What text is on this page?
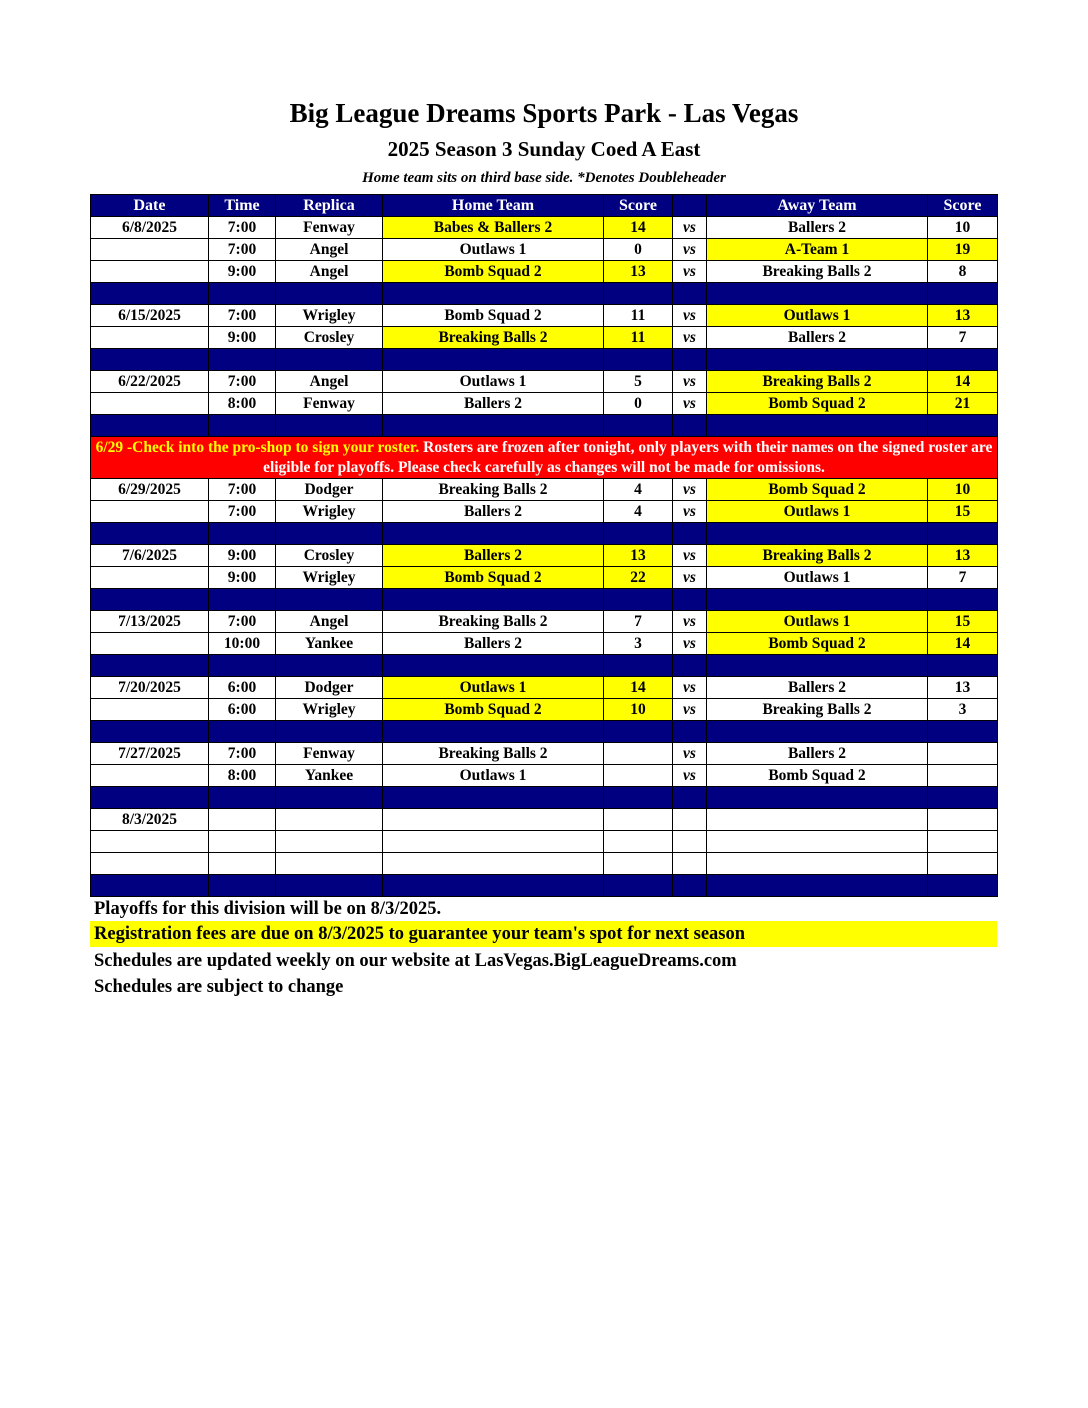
Big League Dreams Sports Park - Las Vegas
2025 Season 3 Sunday Coed A East
Home team sits on third base side. *Denotes Doubleheader
Date	Time	Replica	Home Team	Score		Away Team	Score
6/8/2025	7:00	Fenway	Babes & Ballers 2	14	vs	Ballers 2	10
	7:00	Angel	Outlaws 1	0	vs	A-Team 1	19
	9:00	Angel	Bomb Squad 2	13	vs	Breaking Balls 2	8

6/15/2025	7:00	Wrigley	Bomb Squad 2	11	vs	Outlaws 1	13
	9:00	Crosley	Breaking Balls 2	11	vs	Ballers 2	7

6/22/2025	7:00	Angel	Outlaws 1	5	vs	Breaking Balls 2	14
	8:00	Fenway	Ballers 2	0	vs	Bomb Squad 2	21

6/29 -Check into the pro-shop to sign your roster. Rosters are frozen after tonight, only players with their names on the signed roster are eligible for playoffs. Please check carefully as changes will not be made for omissions.							
6/29/2025	7:00	Dodger	Breaking Balls 2	4	vs	Bomb Squad 2	10
	7:00	Wrigley	Ballers 2	4	vs	Outlaws 1	15

7/6/2025	9:00	Crosley	Ballers 2	13	vs	Breaking Balls 2	13
	9:00	Wrigley	Bomb Squad 2	22	vs	Outlaws 1	7

7/13/2025	7:00	Angel	Breaking Balls 2	7	vs	Outlaws 1	15
	10:00	Yankee	Ballers 2	3	vs	Bomb Squad 2	14

7/20/2025	6:00	Dodger	Outlaws 1	14	vs	Ballers 2	13
	6:00	Wrigley	Bomb Squad 2	10	vs	Breaking Balls 2	3

7/27/2025	7:00	Fenway	Breaking Balls 2		vs	Ballers 2	
	8:00	Yankee	Outlaws 1		vs	Bomb Squad 2	

8/3/2025							

Playoffs for this division will be on 8/3/2025.
Registration fees are due on 8/3/2025 to guarantee your team's spot for next season
Schedules are updated weekly on our website at LasVegas.BigLeagueDreams.com
Schedules are subject to change
